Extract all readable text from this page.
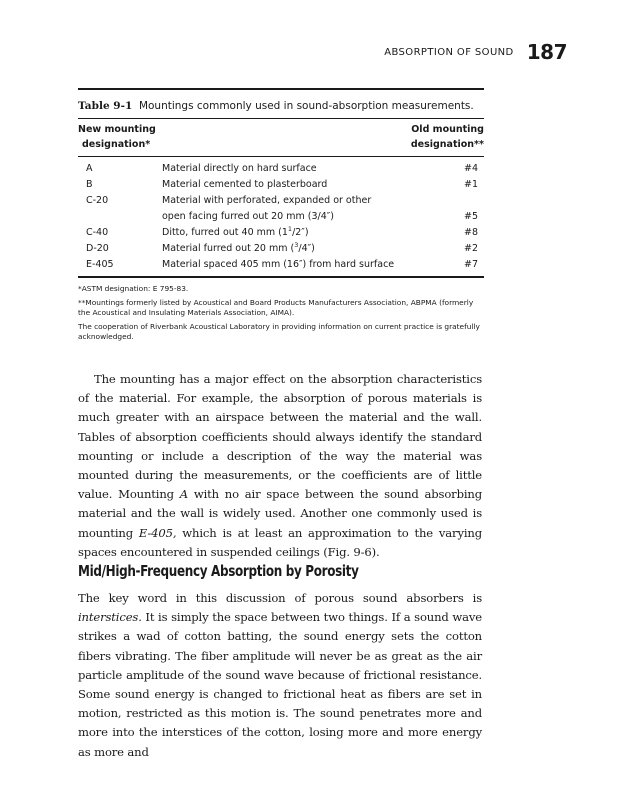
ABSORPTION OF SOUND 187
Table 9-1 Mountings commonly used in sound-absorption measurements.
New mounting
designation*
Old mounting
designation**
A	Material directly on hard surface	#4
B	Material cemented to plasterboard	#1
C-20	Material with perforated, expanded or other
open facing furred out 20 mm (3/4″)	#5
C-40	Ditto, furred out 40 mm $(1^1/2'')$	#8
D-20	Material furred out 20 mm ($^3$/4″)	#2
E-405	Material spaced 405 mm (16″) from hard surface	#7

*ASTM designation: E 795-83.

**Mountings formerly listed by Acoustical and Board Products Manufacturers Association, ABPMA (formerly the Acoustical and Insulating Materials Association, AIMA).

The cooperation of Riverbank Acoustical Laboratory in providing information on current practice is gratefully acknowledged.

The mounting has a major effect on the absorption characteristics of the material. For example, the absorption of porous materials is much greater with an airspace between the material and the wall. Tables of absorption coefficients should always identify the standard mounting or include a description of the way the material was mounted during the measurements, or the coefficients are of little value. Mounting A with no air space between the sound absorbing material and the wall is widely used. Another one commonly used is mounting E-405, which is at least an approximation to the varying spaces encountered in suspended ceilings (Fig. 9-6).

Mid/High-Frequency Absorption by Porosity

The key word in this discussion of porous sound absorbers is interstices. It is simply the space between two things. If a sound wave strikes a wad of cotton batting, the sound energy sets the cotton fibers vibrating. The fiber amplitude will never be as great as the air particle amplitude of the sound wave because of frictional resistance. Some sound energy is changed to frictional heat as fibers are set in motion, restricted as this motion is. The sound penetrates more and more into the interstices of the cotton, losing more and more energy as more and
